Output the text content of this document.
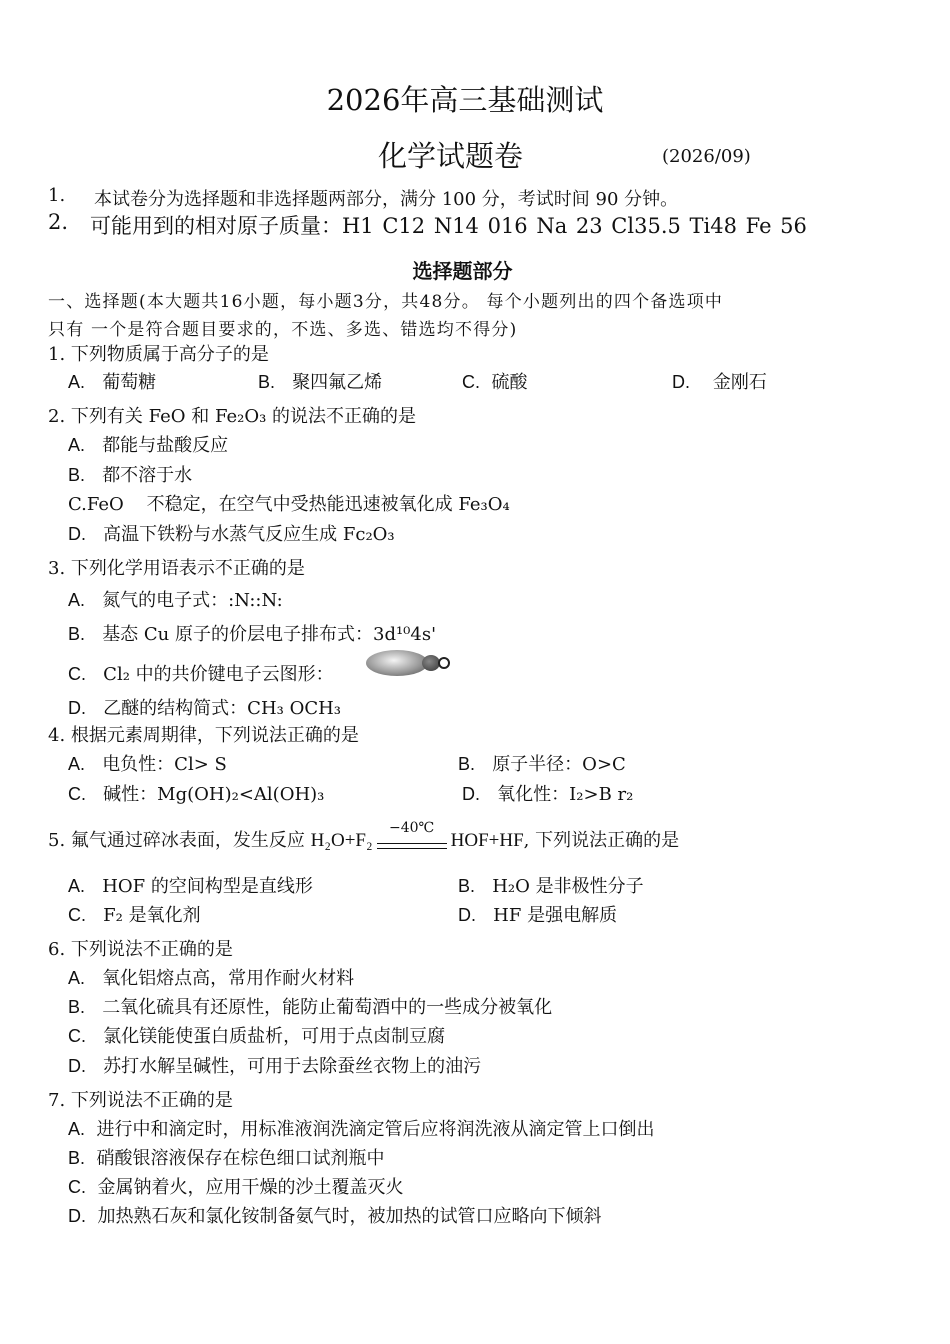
2026年高三基础测试
化学试题卷	(2026/09)
1. 本试卷分为选择题和非选择题两部分，满分 100 分，考试时间 90 分钟。
2. 可能用到的相对原子质量：H1 C12 N14 016 Na 23 Cl35.5 Ti48 Fe 56
选择题部分
一、选择题(本大题共16小题，每小题3分，共48分。 每个小题列出的四个备选项中
只有 一个是符合题目要求的，不选、多选、错选均不得分)
1. 下列物质属于高分子的是
A. 葡萄糖	B. 聚四氟乙烯	C. 硫酸	D. 金刚石
2. 下列有关 FeO 和 Fe₂O₃ 的说法不正确的是
A. 都能与盐酸反应
B. 都不溶于水
C.FeO 不稳定，在空气中受热能迅速被氧化成 Fe₃O₄
D. 高温下铁粉与水蒸气反应生成 Fc₂O₃
3. 下列化学用语表示不正确的是
A. 氮气的电子式：:N::N:
B. 基态 Cu 原子的价层电子排布式：3d¹⁰4s'
C. Cl₂ 中的共价键电子云图形：
D. 乙醚的结构简式：CH₃ OCH₃
4. 根据元素周期律，下列说法正确的是
A. 电负性：Cl> S	B. 原子半径：O>C
C. 碱性：Mg(OH)₂<Al(OH)₃	D. 氧化性：I₂>B r₂
5. 氟气通过碎冰表面，发生反应 H₂O+F₂
−40℃
HOF+HF, 下列说法正确的是
A. HOF 的空间构型是直线形	B. H₂O 是非极性分子
C. F₂ 是氧化剂	D. HF 是强电解质
6. 下列说法不正确的是
A. 氧化铝熔点高，常用作耐火材料
B. 二氧化硫具有还原性，能防止葡萄酒中的一些成分被氧化
C. 氯化镁能使蛋白质盐析，可用于点卤制豆腐
D. 苏打水解呈碱性，可用于去除蚕丝衣物上的油污
7. 下列说法不正确的是
A. 进行中和滴定时，用标准液润洗滴定管后应将润洗液从滴定管上口倒出
B. 硝酸银溶液保存在棕色细口试剂瓶中
C. 金属钠着火，应用干燥的沙土覆盖灭火
D. 加热熟石灰和氯化铵制备氨气时，被加热的试管口应略向下倾斜
